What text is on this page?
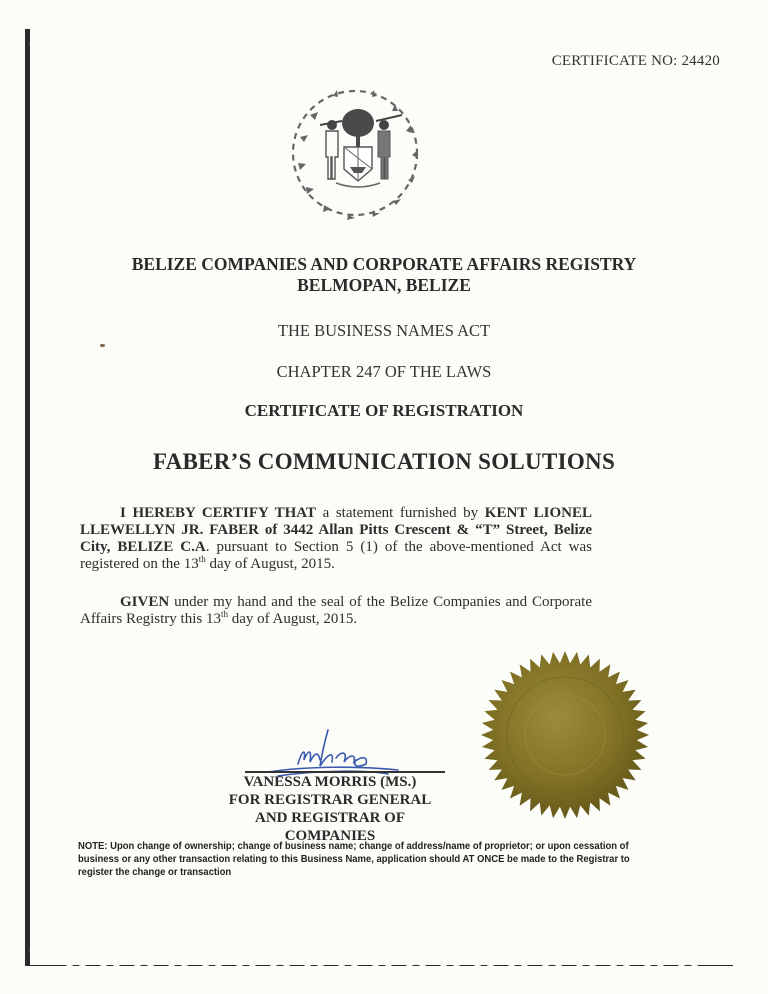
CERTIFICATE NO: 24420
BELIZE COMPANIES AND CORPORATE AFFAIRS REGISTRY
BELMOPAN, BELIZE
THE BUSINESS NAMES ACT
CHAPTER 247 OF THE LAWS
CERTIFICATE OF REGISTRATION
FABER’S COMMUNICATION SOLUTIONS
I HEREBY CERTIFY THAT a statement furnished by KENT LIONEL LLEWELLYN JR. FABER of 3442 Allan Pitts Crescent & “T” Street, Belize City, BELIZE C.A. pursuant to Section 5 (1) of the above-mentioned Act was registered on the 13th day of August, 2015.
GIVEN under my hand and the seal of the Belize Companies and Corporate Affairs Registry this 13th day of August, 2015.
VANESSA MORRIS (MS.)
FOR REGISTRAR GENERAL
AND REGISTRAR OF COMPANIES
NOTE: Upon change of ownership; change of business name; change of address/name of proprietor; or upon cessation of business or any other transaction relating to this Business Name, application should AT ONCE be made to the Registrar to register the change or transaction
